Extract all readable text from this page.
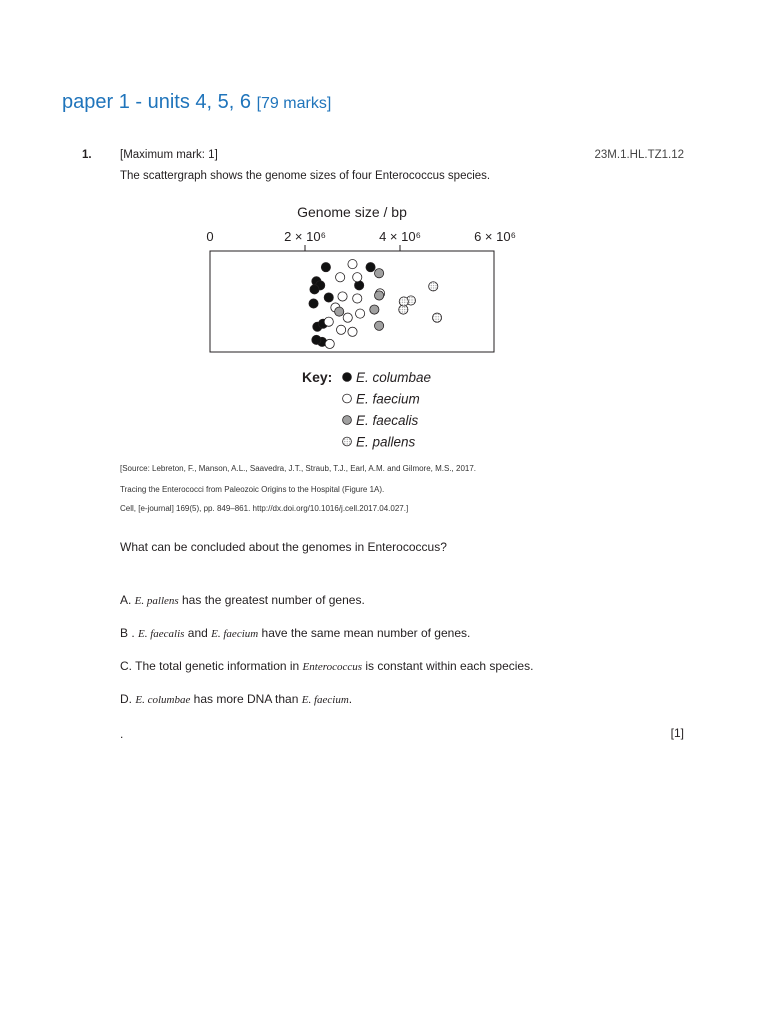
paper 1 - units 4, 5, 6 [79 marks]
1. [Maximum mark: 1]	23M.1.HL.TZ1.12
The scattergraph shows the genome sizes of four Enterococcus species.
Genome size / bp
0	2 × 10⁶	4 × 10⁶	6 × 10⁶
Key: E. columbae
E. faecium
E. faecalis
E. pallens
[Source: Lebreton, F., Manson, A.L., Saavedra, J.T., Straub, T.J., Earl, A.M. and Gilmore, M.S., 2017.
Tracing the Enterococci from Paleozoic Origins to the Hospital (Figure 1A).
Cell, [e-journal] 169(5), pp. 849–861. http://dx.doi.org/10.1016/j.cell.2017.04.027.]
What can be concluded about the genomes in Enterococcus?
A. E. pallens has the greatest number of genes.
B . E. faecalis and E. faecium have the same mean number of genes.
C. The total genetic information in Enterococcus is constant within each species.
D. E. columbae has more DNA than E. faecium.
.	[1]
